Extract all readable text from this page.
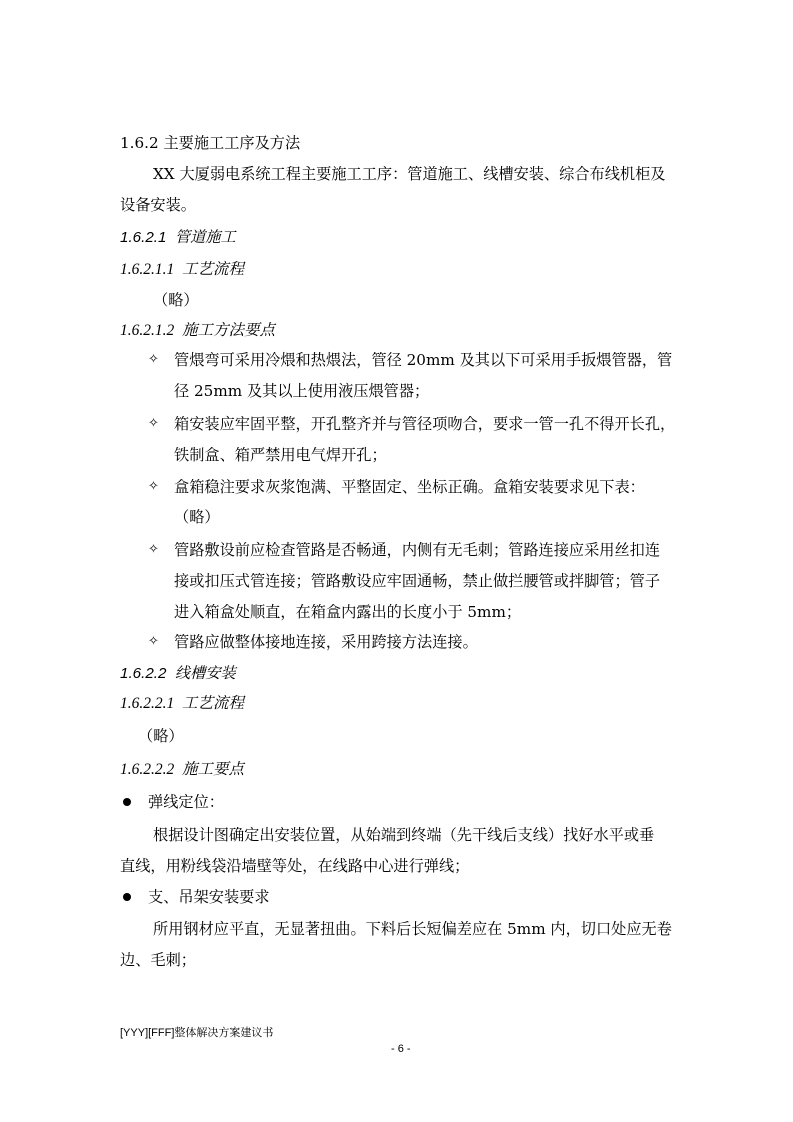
1.6.2 主要施工工序及方法
XX 大厦弱电系统工程主要施工工序：管道施工、线槽安装、综合布线机柜及
设备安装。
1.6.2.1 管道施工
1.6.2.1.1 工艺流程
（略）
1.6.2.1.2 施工方法要点
✧ 管煨弯可采用冷煨和热煨法，管径 20mm 及其以下可采用手扳煨管器，管
径 25mm 及其以上使用液压煨管器；
✧ 箱安装应牢固平整，开孔整齐并与管径项吻合，要求一管一孔不得开长孔，
铁制盒、箱严禁用电气焊开孔；
✧ 盒箱稳注要求灰浆饱满、平整固定、坐标正确。盒箱安装要求见下表：
（略）
✧ 管路敷设前应检查管路是否畅通，内侧有无毛刺；管路连接应采用丝扣连
接或扣压式管连接；管路敷设应牢固通畅，禁止做拦腰管或拌脚管；管子
进入箱盒处顺直，在箱盒内露出的长度小于 5mm；
✧ 管路应做整体接地连接，采用跨接方法连接。
1.6.2.2 线槽安装
1.6.2.2.1 工艺流程
（略）
1.6.2.2.2 施工要点
弹线定位：
根据设计图确定出安装位置，从始端到终端（先干线后支线）找好水平或垂
直线，用粉线袋沿墙壁等处，在线路中心进行弹线；
支、吊架安装要求
所用钢材应平直，无显著扭曲。下料后长短偏差应在 5mm 内，切口处应无卷
边、毛刺；
[YYY][FFF]整体解决方案建议书
- 6 -
